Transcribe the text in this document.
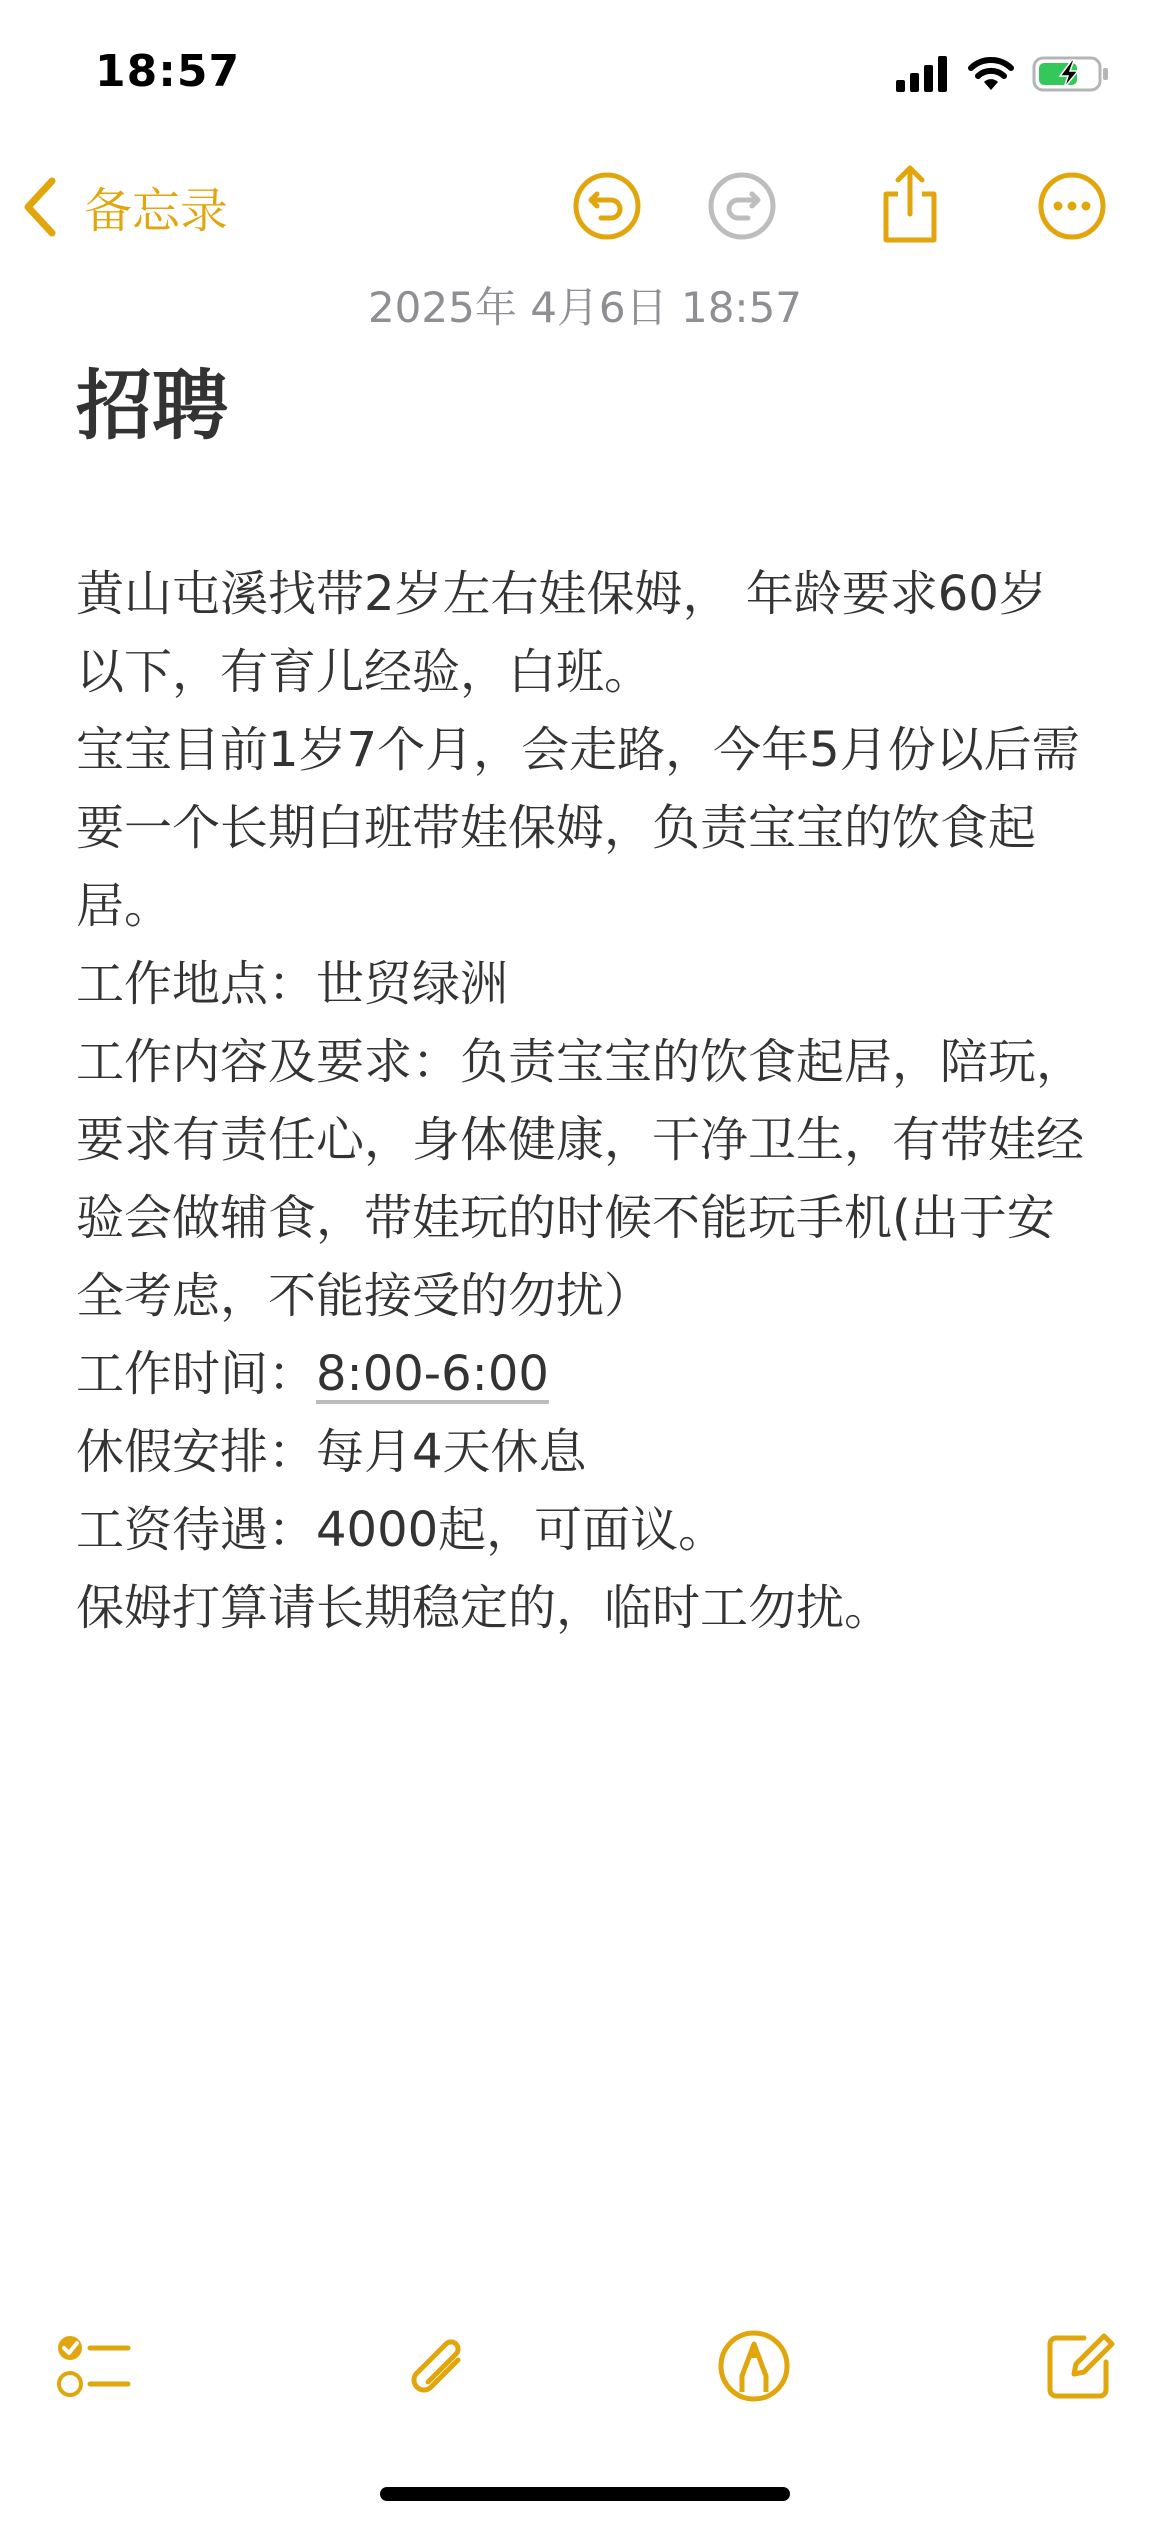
18:57
备忘录
2025年 4月6日 18:57
招聘

黄山屯溪找带2岁左右娃保姆， 年龄要求60岁以下，有育儿经验，白班。

宝宝目前1岁7个月，会走路，今年5月份以后需要一个长期白班带娃保姆，负责宝宝的饮食起居。

工作地点：世贸绿洲

工作内容及要求：负责宝宝的饮食起居，陪玩，要求有责任心，身体健康，干净卫生，有带娃经验会做辅食，带娃玩的时候不能玩手机(出于安全考虑，不能接受的勿扰）

工作时间：8:00-6:00

休假安排：每月4天休息

工资待遇：4000起，可面议。

保姆打算请长期稳定的，临时工勿扰。
